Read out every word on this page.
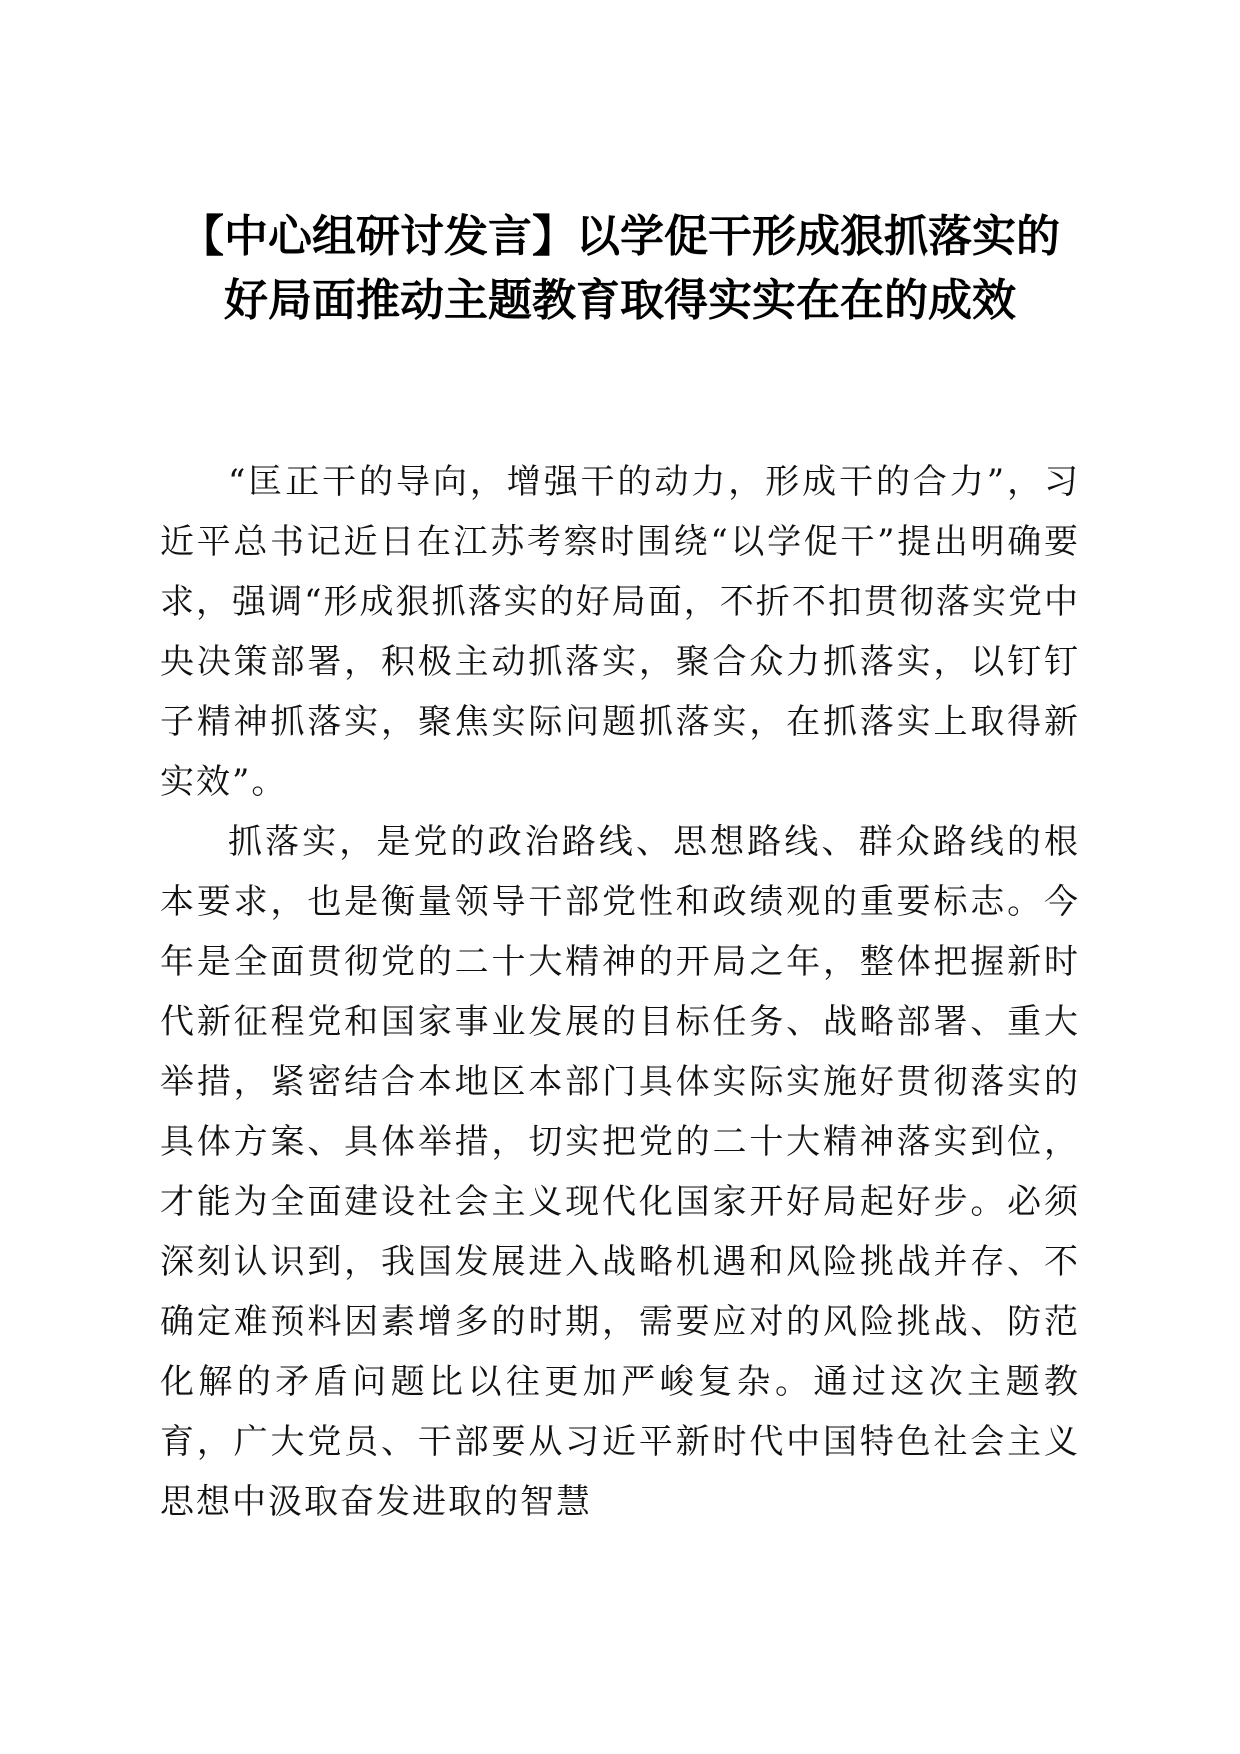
【中心组研讨发言】以学促干形成狠抓落实的
好局面推动主题教育取得实实在在的成效

“匡正干的导向，增强干的动力，形成干的合力”，习近平总书记近日在江苏考察时围绕“以学促干”提出明确要求，强调“形成狠抓落实的好局面，不折不扣贯彻落实党中央决策部署，积极主动抓落实，聚合众力抓落实，以钉钉子精神抓落实，聚焦实际问题抓落实，在抓落实上取得新实效”。

抓落实，是党的政治路线、思想路线、群众路线的根本要求，也是衡量领导干部党性和政绩观的重要标志。今年是全面贯彻党的二十大精神的开局之年，整体把握新时代新征程党和国家事业发展的目标任务、战略部署、重大举措，紧密结合本地区本部门具体实际实施好贯彻落实的具体方案、具体举措，切实把党的二十大精神落实到位，才能为全面建设社会主义现代化国家开好局起好步。必须深刻认识到，我国发展进入战略机遇和风险挑战并存、不确定难预料因素增多的时期，需要应对的风险挑战、防范化解的矛盾问题比以往更加严峻复杂。通过这次主题教育，广大党员、干部要从习近平新时代中国特色社会主义思想中汲取奋发进取的智慧
